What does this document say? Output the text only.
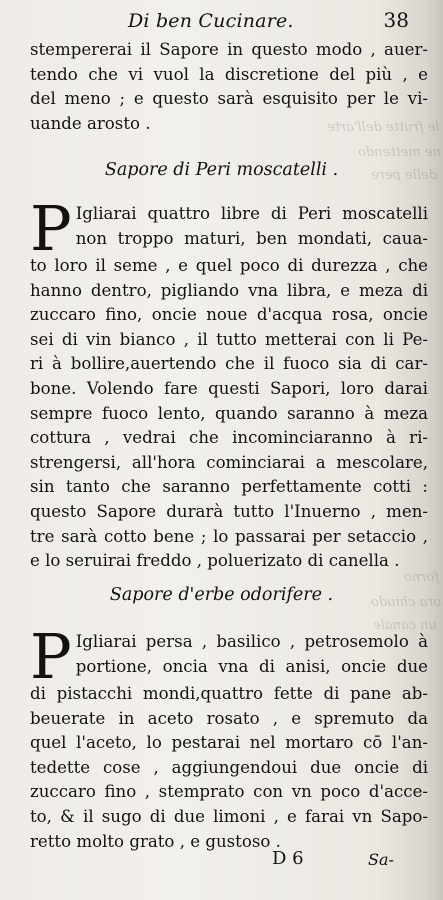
le frutte dell'arte
ne mettendo
delle pere
forno
ora chiudo
un canale
Di ben Cucinare.	38
stempererai il Sapore in questo modo , auer-
tendo che vi vuol la discretione del più , e
del meno ; e questo sarà esquisito per le vi-
uande arosto .
Sapore di Peri moscatelli .
P Igliarai quattro libre di Peri moscatelli
non troppo maturi, ben mondati, caua-
to loro il seme , e quel poco di durezza , che
hanno dentro, pigliando vna libra, e meza di
zuccaro fino, oncie noue d'acqua rosa, oncie
sei di vin bianco , il tutto metterai con li Pe-
ri à bollire,auertendo che il fuoco sia di car-
bone. Volendo fare questi Sapori, loro darai
sempre fuoco lento, quando saranno à meza
cottura , vedrai che incominciaranno à ri-
strengersi, all'hora cominciarai a mescolare,
sin tanto che saranno perfettamente cotti :
questo Sapore durarà tutto l'Inuerno , men-
tre sarà cotto bene ; lo passarai per setaccio ,
e lo seruirai freddo , poluerizato di canella .
Sapore d'erbe odorifere .
P Igliarai persa , basilico , petrosemolo à
portione, oncia vna di anisi, oncie due
di pistacchi mondi,quattro fette di pane ab-
beuerate in aceto rosato , e spremuto da
quel l'aceto, lo pestarai nel mortaro cō l'an-
tedette cose , aggiungendoui due oncie di
zuccaro fino , stemprato con vn poco d'acce-
to, & il sugo di due limoni , e farai vn Sapo-
retto molto grato , e gustoso .
D 6	Sa-
